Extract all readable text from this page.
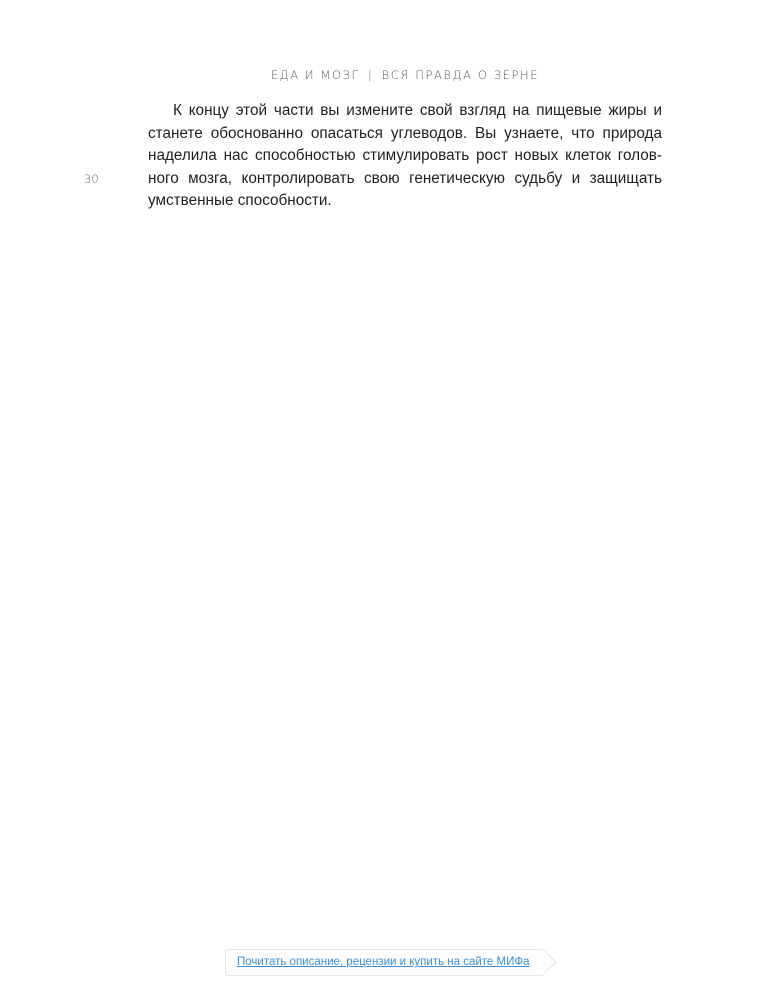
ЕДА И МОЗГ | ВСЯ ПРАВДА О ЗЕРНЕ
30

К концу этой части вы измените свой взгляд на пищевые жиры и станете обоснованно опасаться углеводов. Вы узнаете, что природа наделила нас способностью стимулировать рост новых клеток головного мозга, контролировать свою генетическую судьбу и защищать умственные способности.

Почитать описание, рецензии и купить на сайте МИФа
